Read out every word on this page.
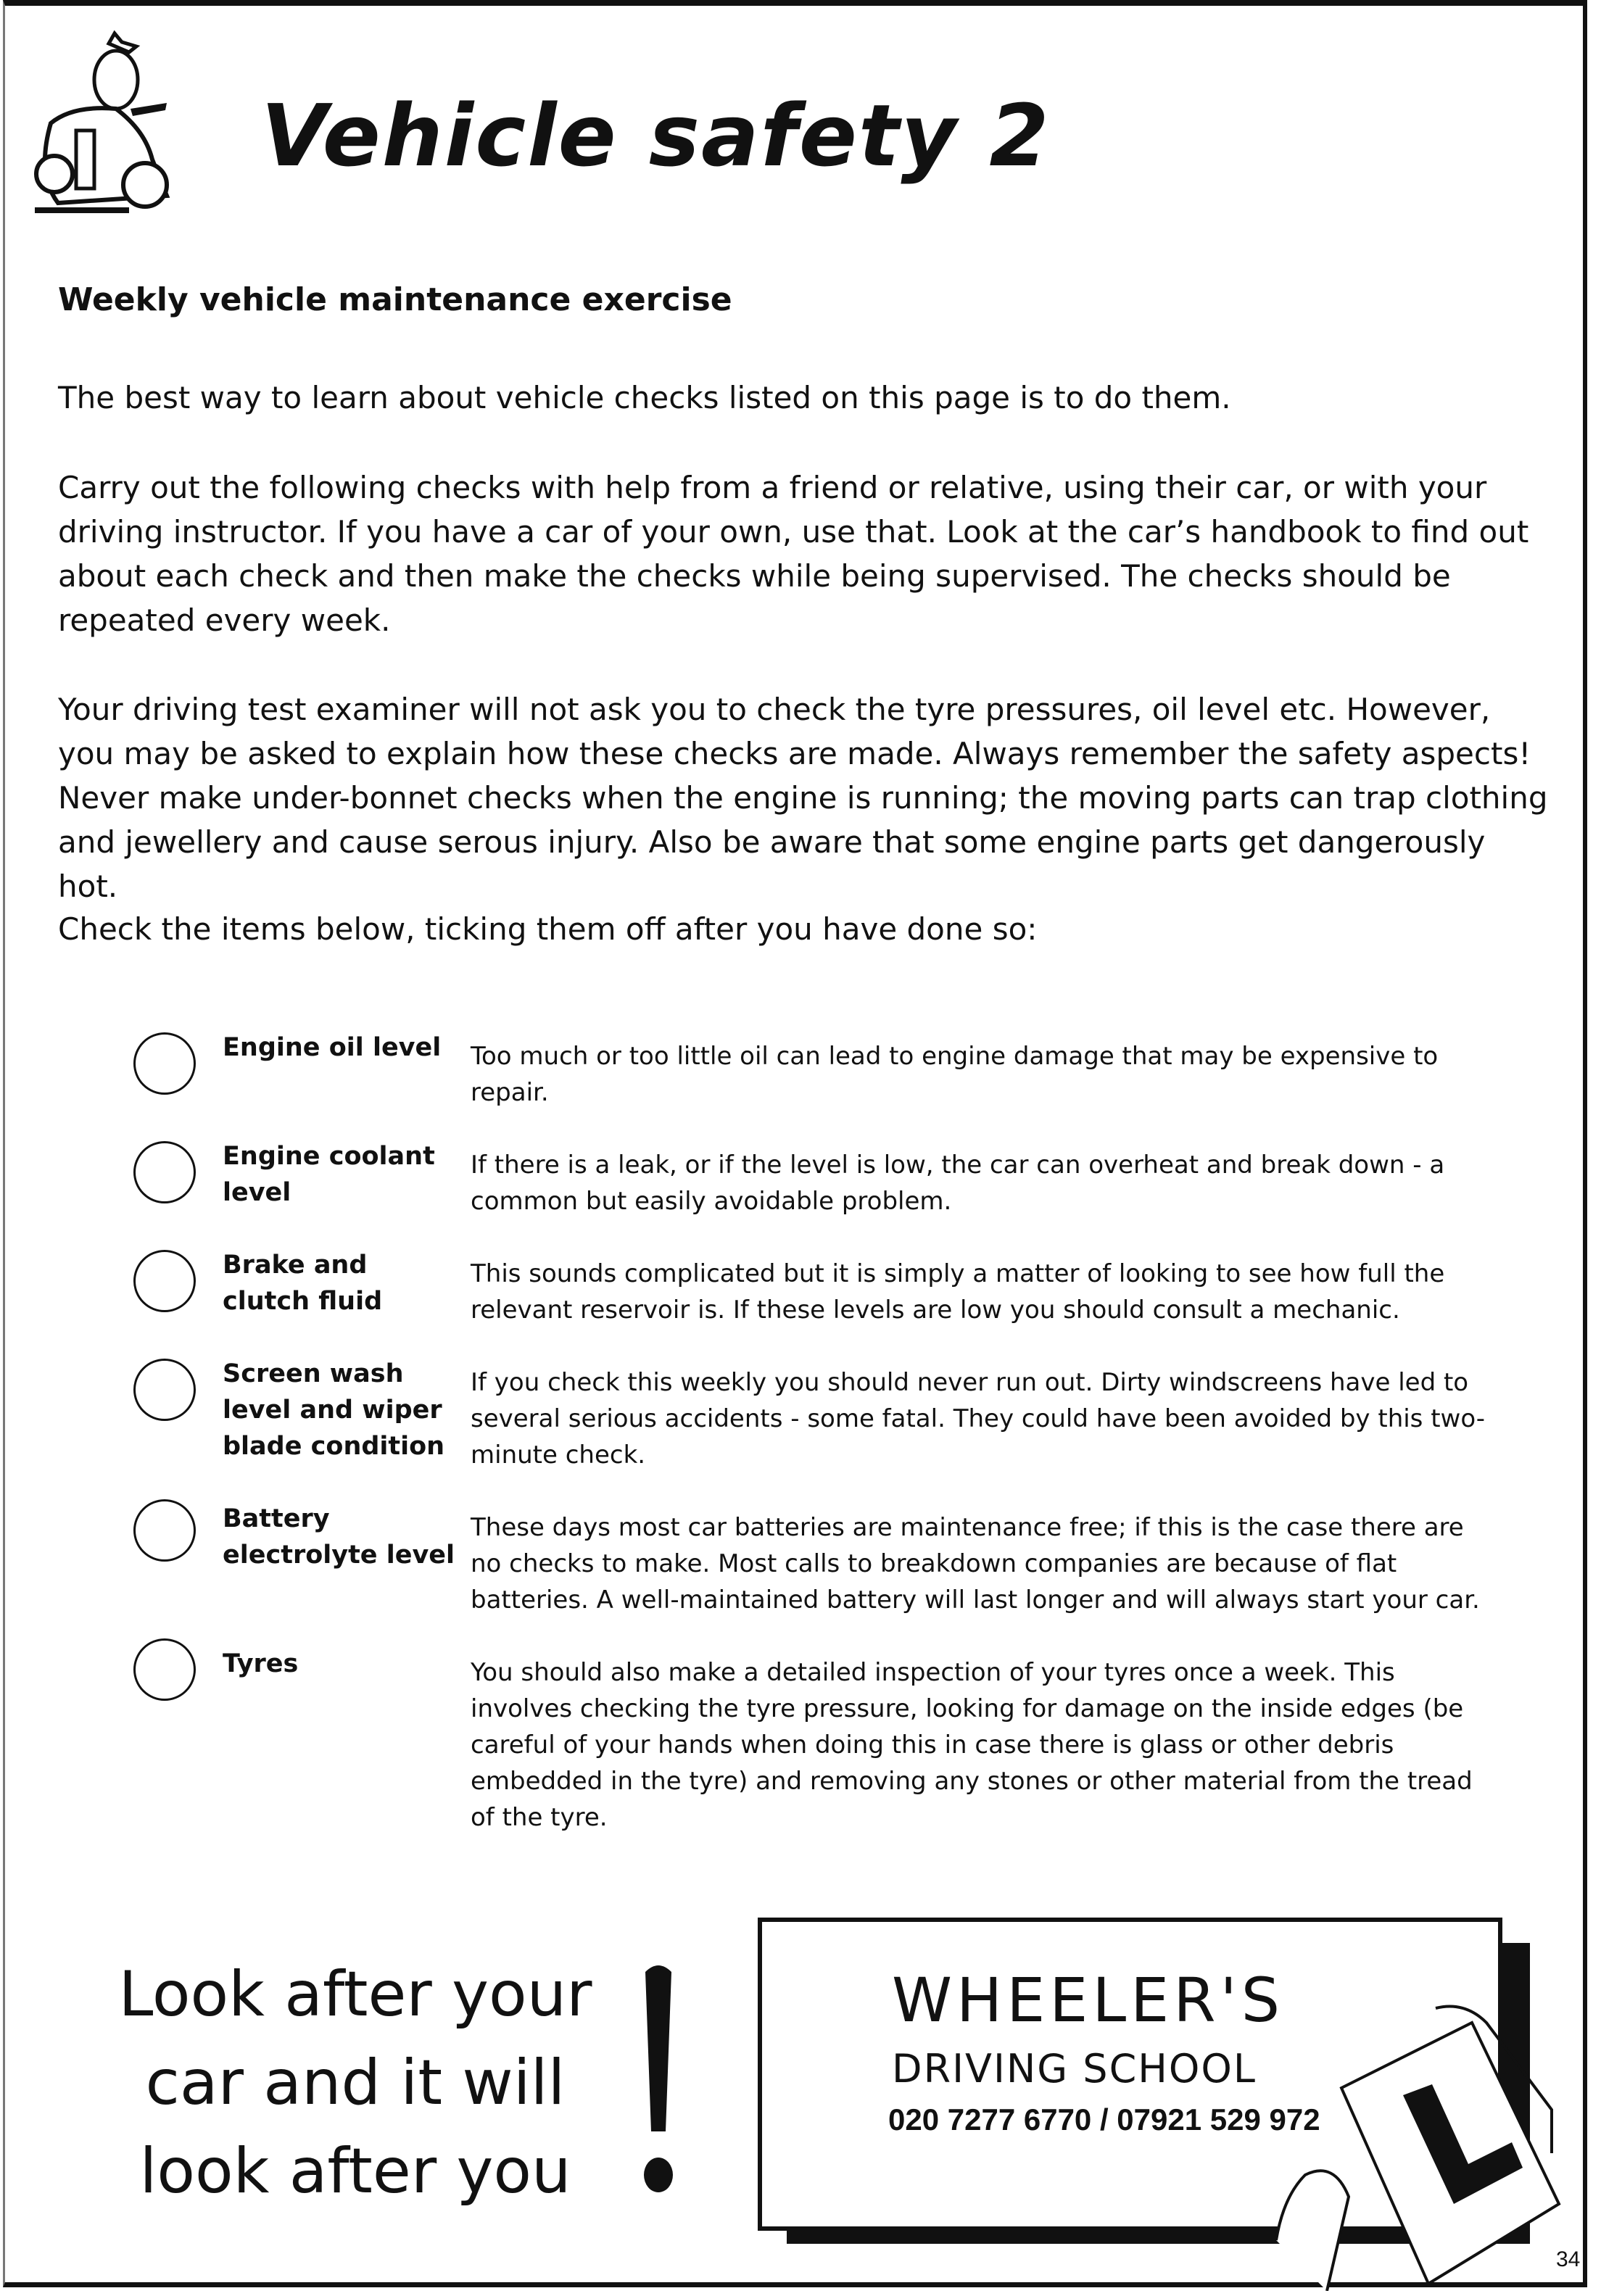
Vehicle safety 2
Weekly vehicle maintenance exercise
The best way to learn about vehicle checks listed on this page is to do them.
Carry out the following checks with help from a friend or relative, using their car, or with your driving instructor. If you have a car of your own, use that. Look at the car’s handbook to find out about each check and then make the checks while being supervised. The checks should be repeated every week.
Your driving test examiner will not ask you to check the tyre pressures, oil level etc. However, you may be asked to explain how these checks are made. Always remember the safety aspects! Never make under-bonnet checks when the engine is running; the moving parts can trap clothing and jewellery and cause serous injury. Also be aware that some engine parts get dangerously hot.
Check the items below, ticking them off after you have done so:
Engine oil level	Too much or too little oil can lead to engine damage that may be expensive to repair.
Engine coolant level
If there is a leak, or if the level is low, the car can overheat and break down - a common but easily avoidable problem.
Brake and clutch fluid
This sounds complicated but it is simply a matter of looking to see how full the relevant reservoir is. If these levels are low you should consult a mechanic.
Screen wash level and wiper blade condition
If you check this weekly you should never run out. Dirty windscreens have led to several serious accidents - some fatal. They could have been avoided by this two-minute check.
Battery electrolyte level
These days most car batteries are maintenance free; if this is the case there are no checks to make. Most calls to breakdown companies are because of flat batteries. A well-maintained battery will last longer and will always start your car.
Tyres	You should also make a detailed inspection of your tyres once a week. This involves checking the tyre pressure, looking for damage on the inside edges (be careful of your hands when doing this in case there is glass or other debris embedded in the tyre) and removing any stones or other material from the tread of the tyre.
Look after your
car and it will
look after you
WHEELER'S
DRIVING SCHOOL
020 7277 6770 / 07921 529 972
34
